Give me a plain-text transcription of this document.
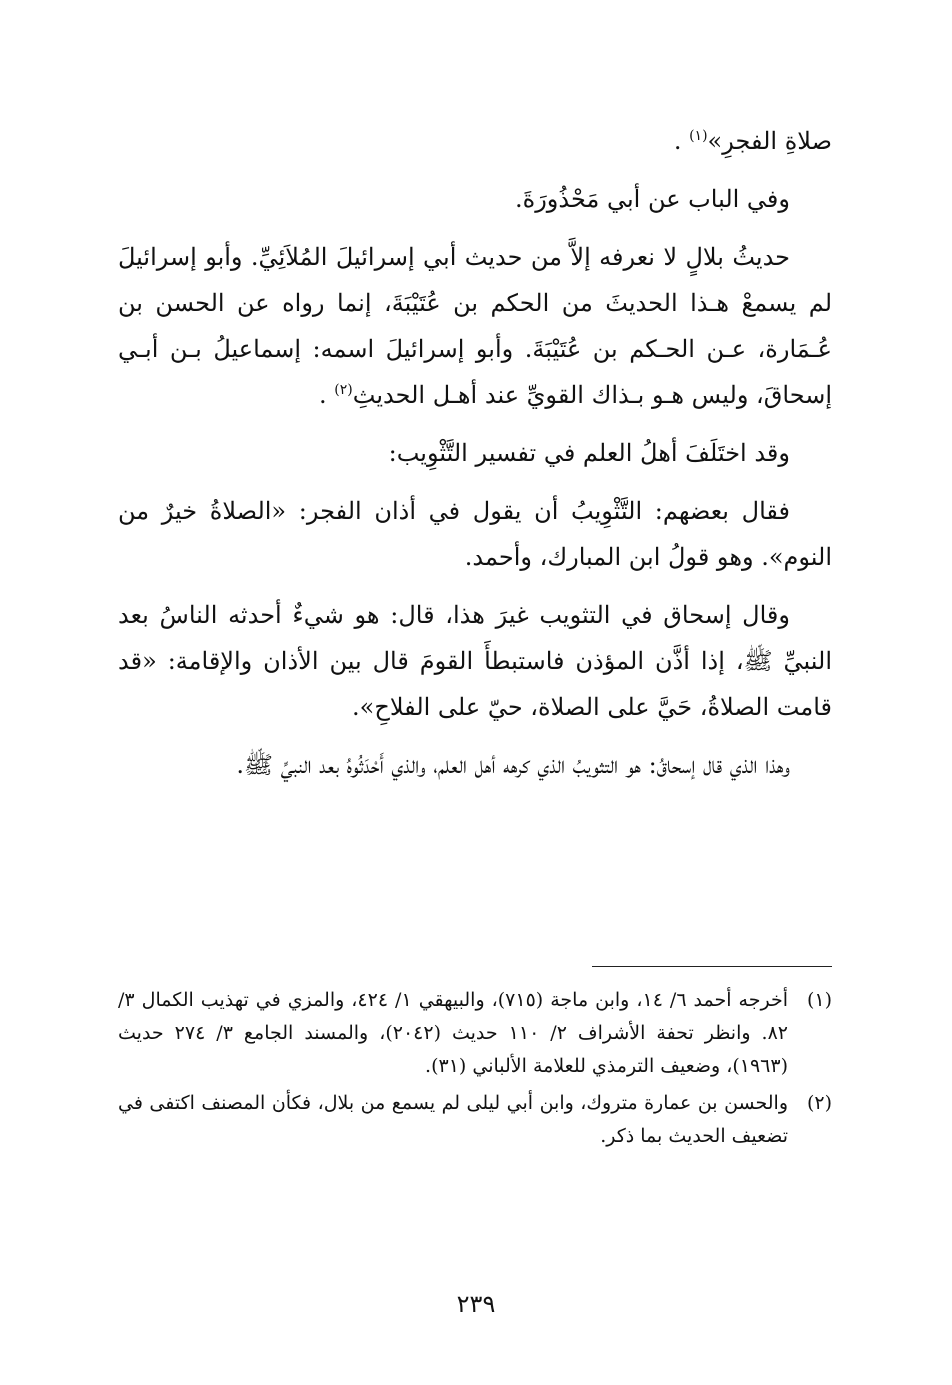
صلاةِ الفجرِ»$^{(١)}$ .

وفي الباب عن أبي مَحْذُورَةَ.

حديثُ بلالٍ لا نعرفه إلاَّ من حديث أبي إسرائيلَ المُلاَئِيِّ. وأبو إسرائيلَ لم يسمعْ هـذا الحديثَ من الحكم بن عُتَيْبَةَ، إنما رواه عن الحسن بن عُـمَارة، عـن الحـكم بن عُتَيْبَةَ. وأبو إسرائيلَ اسمه: إسماعيلُ بـن أبـي إسحاقَ، وليس هـو بـذاك القويِّ عند أهـل الحديثِ$^{(٢)}$ .

وقد اختَلَفَ أهلُ العلم في تفسير التَّثْوِيب:

فقال بعضهم: التَّثْوِيبُ أن يقول في أذان الفجر: «الصلاةُ خيرٌ من النوم». وهو قولُ ابن المبارك، وأحمد.

وقال إسحاق في التثويب غيرَ هذا، قال: هو شيءٌ أحدثه الناسُ بعد النبيِّ ﷺ، إذا أذَّن المؤذن فاستبطأَ القومَ قال بين الأذان والإقامة: «قد قامت الصلاةُ، حَيَّ على الصلاة، حيّ على الفلاحِ».

وهذا الذي قال إسحاقُ: هو التثويبُ الذي كرهه أهل العلم، والذي أَحْدَثُوهُ بعد النبيِّ ﷺ.

(١)
أخرجه أحمد ٦/ ١٤، وابن ماجة (٧١٥)، والبيهقي ١/ ٤٢٤، والمزي في تهذيب الكمال ٣/ ٨٢. وانظر تحفة الأشراف ٢/ ١١٠ حديث (٢٠٤٢)، والمسند الجامع ٣/ ٢٧٤ حديث (١٩٦٣)، وضعيف الترمذي للعلامة الألباني (٣١).
(٢)
والحسن بن عمارة متروك، وابن أبي ليلى لم يسمع من بلال، فكأن المصنف اكتفى في تضعيف الحديث بما ذكر.
٢٣٩
